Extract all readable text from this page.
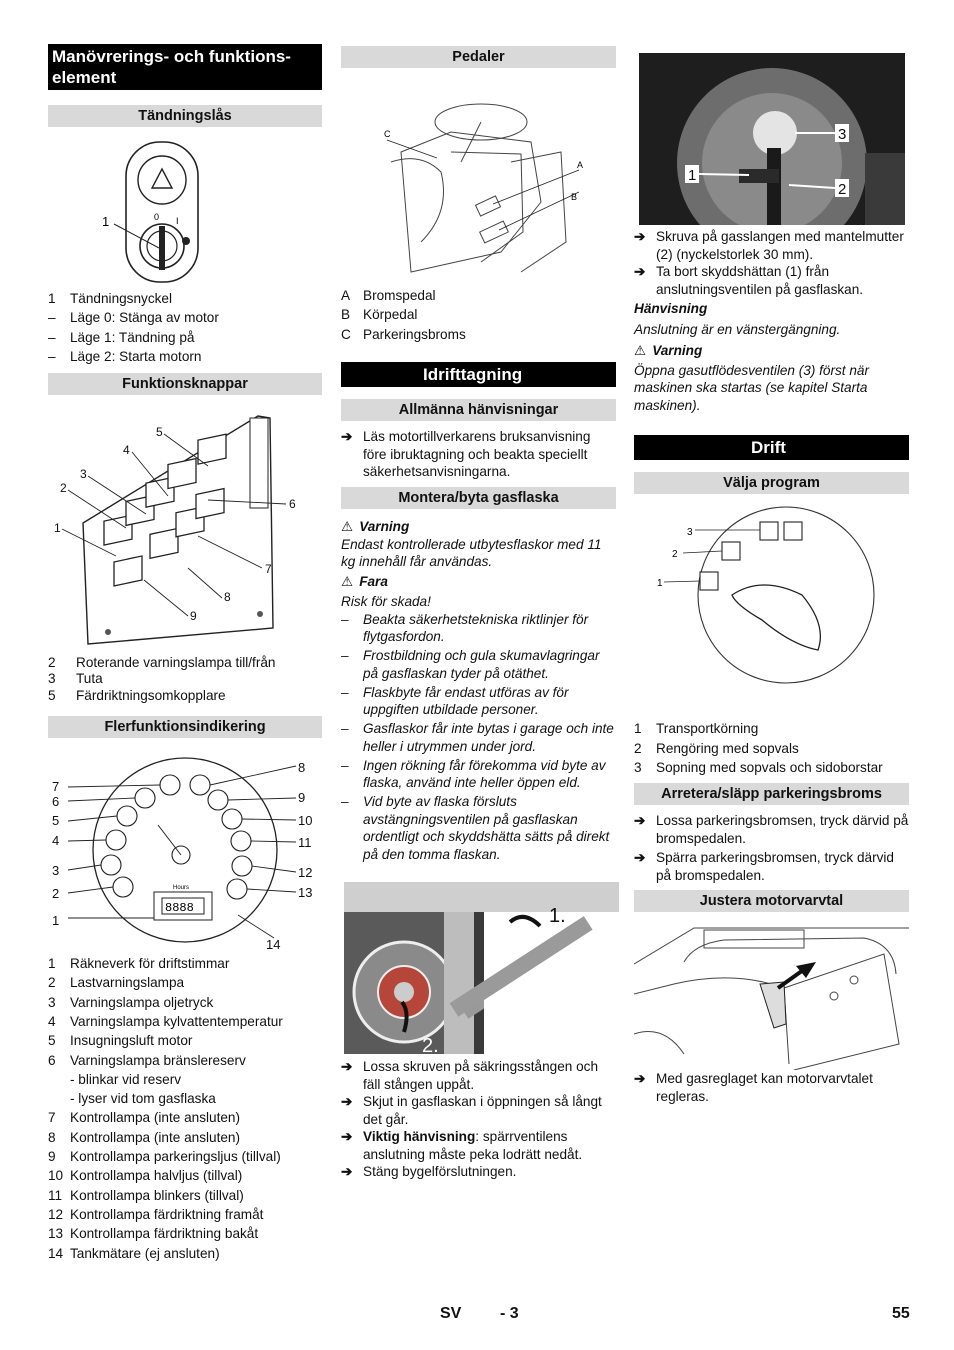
Manövrerings- och funktions-element
Tändningslås
0 I
1
1 Tändningsnyckel
– Läge 0: Stänga av motor
– Läge 1: Tändning på
– Läge 2: Starta motorn
Funktionsknappar
1
2
3
4
5
6
7
8
9
2 Roterande varningslampa till/från
3 Tuta
5 Färdriktningsomkopplare
Flerfunktionsindikering
Hours
8888
1
2
3
4
5
6
7
8
9
10
11
12
13
14
1 Räkneverk för driftstimmar
2 Lastvarningslampa
3 Varningslampa oljetryck
4 Varningslampa kylvattentemperatur
5 Insugningsluft motor
6 Varningslampa bränslereserv
- blinkar vid reserv
- lyser vid tom gasflaska
7 Kontrollampa (inte ansluten)
8 Kontrollampa (inte ansluten)
9 Kontrollampa parkeringsljus (tillval)
10 Kontrollampa halvljus (tillval)
11 Kontrollampa blinkers (tillval)
12 Kontrollampa färdriktning framåt
13 Kontrollampa färdriktning bakåt
14 Tankmätare (ej ansluten)
Pedaler
A
B
C
A Bromspedal
B Körpedal
C Parkeringsbroms
Idrifttagning
Allmänna hänvisningar
➔ Läs motortillverkarens bruksanvisning före ibruktagning och beakta speciellt säkerhetsanvisningarna.
Montera/byta gasflaska
⚠ Varning
Endast kontrollerade utbytesflaskor med 11 kg innehåll får användas.
⚠ Fara
Risk för skada!
– Beakta säkerhetstekniska riktlinjer för flytgasfordon.
– Frostbildning och gula skumavlagringar på gasflaskan tyder på otäthet.
– Flaskbyte får endast utföras av för uppgiften utbildade personer.
– Gasflaskor får inte bytas i garage och inte heller i utrymmen under jord.
– Ingen rökning får förekomma vid byte av flaska, använd inte heller öppen eld.
– Vid byte av flaska försluts avstängningsventilen på gasflaskan ordentligt och skyddshätta sätts på direkt på den tomma flaskan.
1.
2.
➔ Lossa skruven på säkringsstången och fäll stången uppåt.
➔ Skjut in gasflaskan i öppningen så långt det går.
➔ Viktig hänvisning: spärrventilens anslutning måste peka lodrätt nedåt.
➔ Stäng bygelförslutningen.
1
2
3
➔ Skruva på gasslangen med mantelmutter (2) (nyckelstorlek 30 mm).
➔ Ta bort skyddshättan (1) från anslutningsventilen på gasflaskan.
Hänvisning
Anslutning är en vänstergängning.
⚠ Varning
Öppna gasutflödesventilen (3) först när maskinen ska startas (se kapitel Starta maskinen).
Drift
Välja program
1
2
3
1 Transportkörning
2 Rengöring med sopvals
3 Sopning med sopvals och sidoborstar
Arretera/släpp parkeringsbroms
➔ Lossa parkeringsbromsen, tryck därvid på bromspedalen.
➔ Spärra parkeringsbromsen, tryck därvid på bromspedalen.
Justera motorvarvtal
➔ Med gasreglaget kan motorvarvtalet regleras.
SV - 3	55
